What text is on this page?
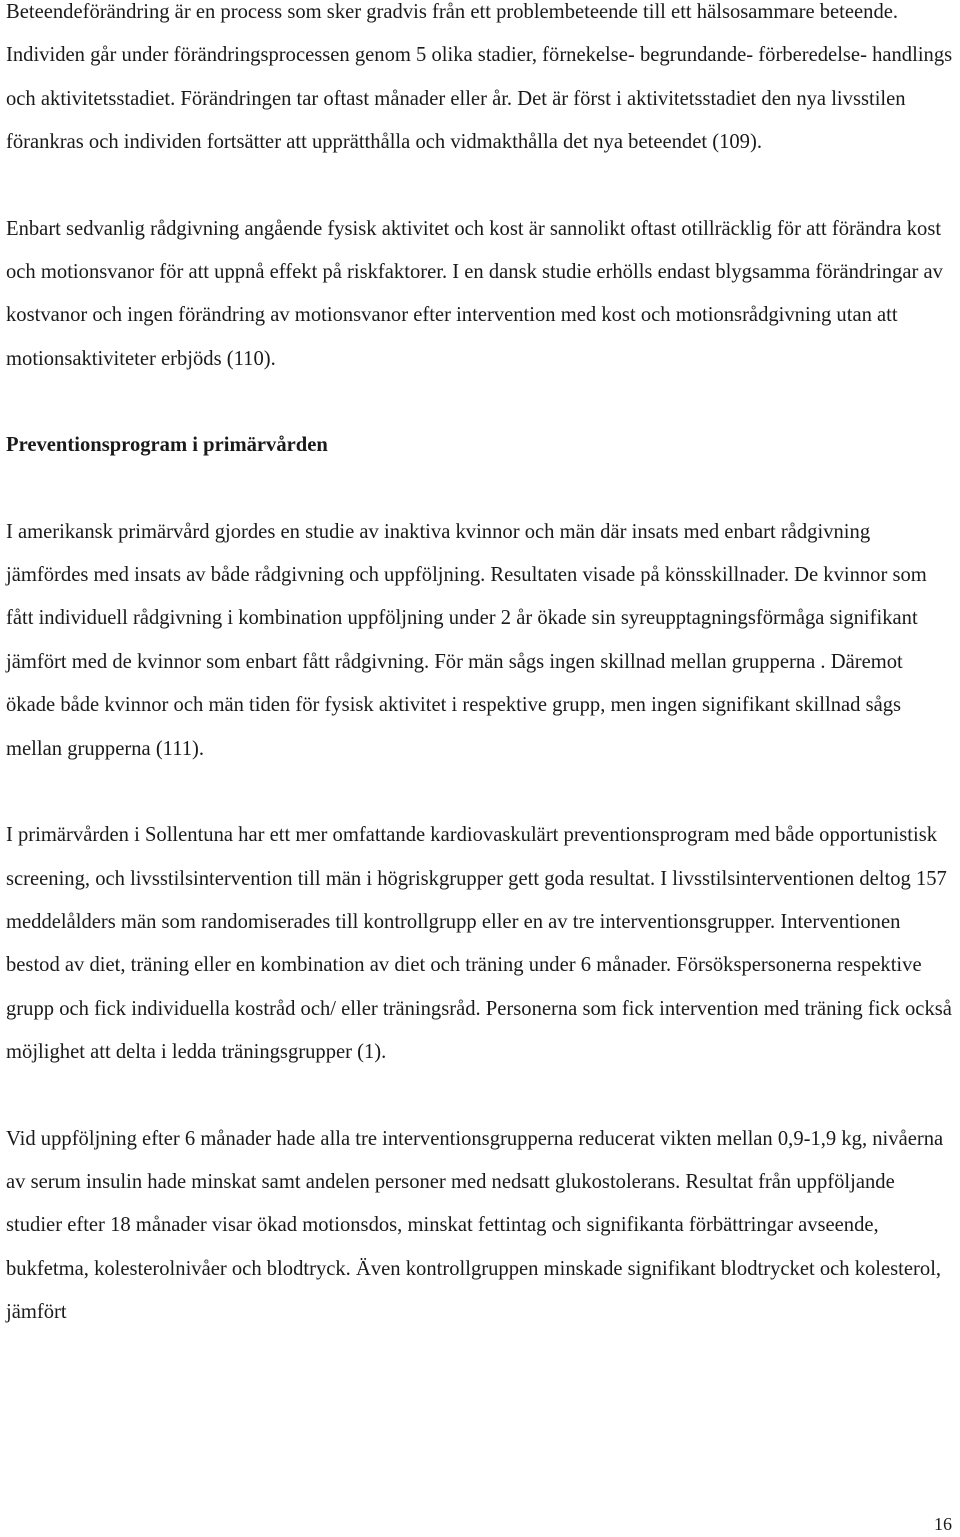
Beteendeförändring är en process som sker gradvis från ett problembeteende till ett hälsosammare beteende. Individen går under förändringsprocessen genom 5 olika stadier, förnekelse- begrundande- förberedelse- handlings och aktivitetsstadiet. Förändringen tar oftast månader eller år. Det är först i aktivitetsstadiet den nya livsstilen förankras och individen fortsätter att upprätthålla och vidmakthålla det nya beteendet (109).

Enbart sedvanlig rådgivning angående fysisk aktivitet och kost är sannolikt oftast otillräcklig för att förändra kost och motionsvanor för att uppnå effekt på riskfaktorer. I en dansk studie erhölls endast blygsamma förändringar av kostvanor och ingen förändring av motionsvanor efter intervention med kost och motionsrådgivning utan att motionsaktiviteter erbjöds (110).

Preventionsprogram i primärvården

I amerikansk primärvård gjordes en studie av inaktiva kvinnor och män där insats med enbart rådgivning jämfördes med insats av både rådgivning och uppföljning. Resultaten visade på könsskillnader. De kvinnor som fått individuell rådgivning i kombination uppföljning under 2 år ökade sin syreupptagningsförmåga signifikant jämfört med de kvinnor som enbart fått rådgivning. För män sågs ingen skillnad mellan grupperna . Däremot ökade både kvinnor och män tiden för fysisk aktivitet i respektive grupp, men ingen signifikant skillnad sågs mellan grupperna (111).

I primärvården i Sollentuna har ett mer omfattande kardiovaskulärt preventionsprogram med både opportunistisk screening, och livsstilsintervention till män i högriskgrupper gett goda resultat. I livsstilsinterventionen deltog 157 meddelålders män som randomiserades till kontrollgrupp eller en av tre interventionsgrupper. Interventionen bestod av diet, träning eller en kombination av diet och träning under 6 månader. Försökspersonerna respektive grupp och fick individuella kostråd och/ eller träningsråd. Personerna som fick intervention med träning fick också möjlighet att delta i ledda träningsgrupper (1).

Vid uppföljning efter 6 månader hade alla tre interventionsgrupperna reducerat vikten mellan 0,9-1,9 kg, nivåerna av serum insulin hade minskat samt andelen personer med nedsatt glukostolerans. Resultat från uppföljande studier efter 18 månader visar ökad motionsdos, minskat fettintag och signifikanta förbättringar avseende, bukfetma, kolesterolnivåer och blodtryck. Även kontrollgruppen minskade signifikant blodtrycket och kolesterol, jämfört

16
